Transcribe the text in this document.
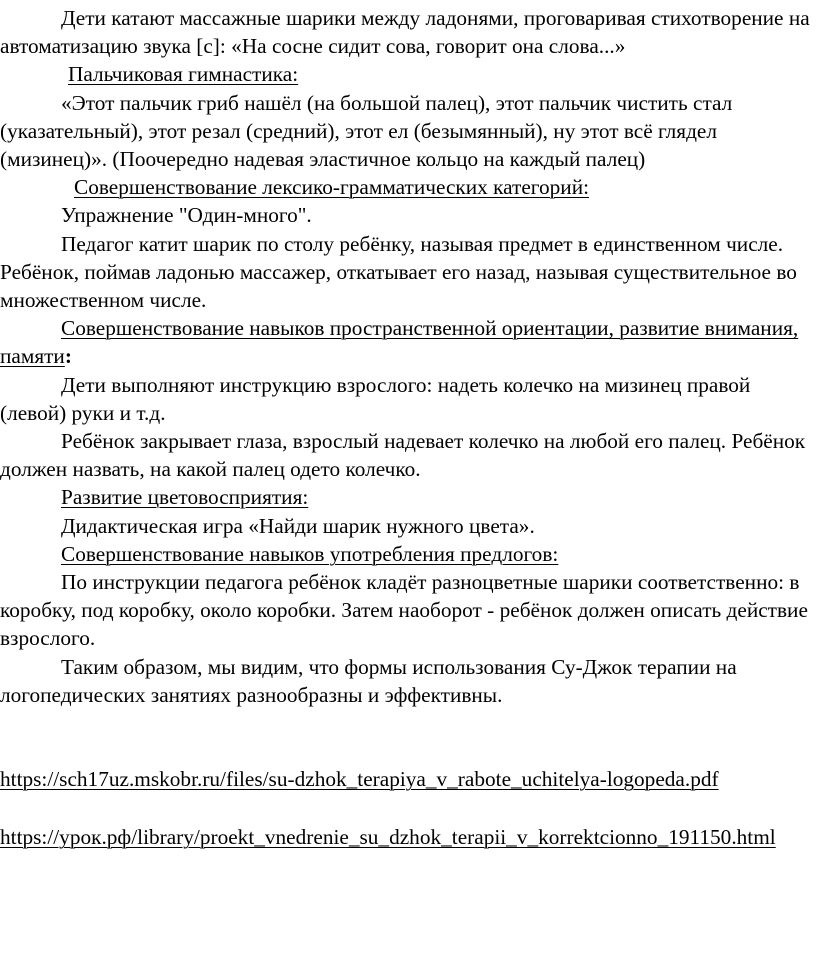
Дети катают массажные шарики между ладонями, проговаривая стихотворение на автоматизацию звука [с]: «На сосне сидит сова, говорит она слова...»

Пальчиковая гимнастика:

«Этот пальчик гриб нашёл (на большой палец), этот пальчик чистить стал (указательный), этот резал (средний), этот ел (безымянный), ну этот всё глядел (мизинец)». (Поочередно надевая эластичное кольцо на каждый палец)

Совершенствование лексико-грамматических категорий:

Упражнение "Один-много".

Педагог катит шарик по столу ребёнку, называя предмет в единственном числе. Ребёнок, поймав ладонью массажер, откатывает его назад, называя существительное во множественном числе.

Совершенствование навыков пространственной ориентации, развитие внимания, памяти:

Дети выполняют инструкцию взрослого: надеть колечко на мизинец правой (левой) руки и т.д.

Ребёнок закрывает глаза, взрослый надевает колечко на любой его палец. Ребёнок должен назвать, на какой палец одето колечко.

Развитие цветовосприятия:

Дидактическая игра «Найди шарик нужного цвета».

Совершенствование навыков употребления предлогов:

По инструкции педагога ребёнок кладёт разноцветные шарики соответственно: в коробку, под коробку, около коробки. Затем наоборот - ребёнок должен описать действие взрослого.

Таким образом, мы видим, что формы использования Су-Джок терапии на логопедических занятиях разнообразны и эффективны.

https://sch17uz.mskobr.ru/files/su-dzhok_terapiya_v_rabote_uchitelya-logopeda.pdf

https://урок.рф/library/proekt_vnedrenie_su_dzhok_terapii_v_korrektcionno_191150.html
